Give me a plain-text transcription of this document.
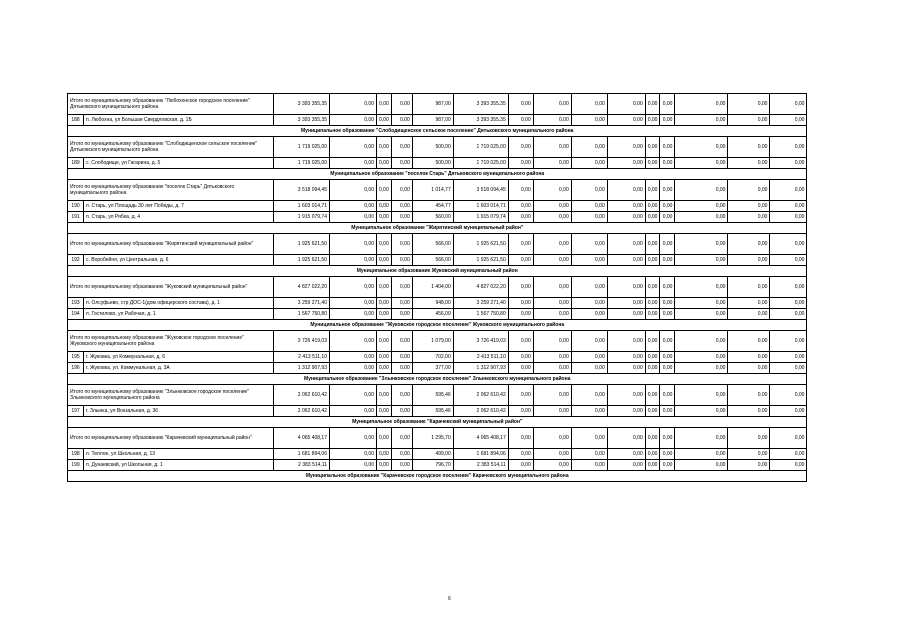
Итого по муниципальному образованию "Любохонское городское поселение" Дятьковского муниципального района		3 393 355,35	0,00	0,00	0,00	987,00	3 393 355,35	0,00	0,00	0,00	0,00	0,00	0,00	0,00	0,00	0,00
188	п. Любохна, ул Большая Свердловская, д. 1Б	3 393 355,35	0,00	0,00	0,00	987,00	3 393 355,35	0,00	0,00	0,00	0,00	0,00	0,00	0,00	0,00	0,00
Муниципальное образование "Слободищенское сельское поселение" Дятьковского муниципального района																
Итого по муниципальному образованию "Слободищенское сельское поселение" Дятьковского муниципального района		1 719 025,00	0,00	0,00	0,00	500,00	1 719 025,00	0,00	0,00	0,00	0,00	0,00	0,00	0,00	0,00	0,00
189	с. Слободище, ул Гагарина, д. 5	1 719 025,00	0,00	0,00	0,00	500,00	1 719 025,00	0,00	0,00	0,00	0,00	0,00	0,00	0,00	0,00	0,00
Муниципальное образование "поселок Старь" Дятьковского муниципального района																
Итого по муниципальному образованию "поселок Старь" Дятьковского муниципального района		3 518 094,45	0,00	0,00	0,00	1 014,77	3 518 094,45	0,00	0,00	0,00	0,00	0,00	0,00	0,00	0,00	0,00
190	п. Старь, ул Площадь 30 лет Победы, д. 7	1 603 014,71	0,00	0,00	0,00	454,77	1 603 014,71	0,00	0,00	0,00	0,00	0,00	0,00	0,00	0,00	0,00
191	п. Старь, ул Рябка, д. 4	1 915 079,74	0,00	0,00	0,00	560,00	1 915 079,74	0,00	0,00	0,00	0,00	0,00	0,00	0,00	0,00	0,00
Муниципальное образование "Жирятинский муниципальный район"																
Итого по муниципальному образованию "Жирятинский муниципальный район"		1 925 621,50	0,00	0,00	0,00	566,00	1 925 621,50	0,00	0,00	0,00	0,00	0,00	0,00	0,00	0,00	0,00
192	с. Воробейня, ул Центральная, д. 6	1 925 621,50	0,00	0,00	0,00	566,00	1 925 621,50	0,00	0,00	0,00	0,00	0,00	0,00	0,00	0,00	0,00
Муниципальное образование Жуковский муниципальный район																
Итого по муниципальному образованию "Жуковский муниципальный район"		4 827 022,20	0,00	0,00	0,00	1 404,00	4 827 022,20	0,00	0,00	0,00	0,00	0,00	0,00	0,00	0,00	0,00
193	п. Олсуфьево, стр ДОС-1(дом офицерского состава), д. 1	3 259 271,40	0,00	0,00	0,00	948,00	3 259 271,40	0,00	0,00	0,00	0,00	0,00	0,00	0,00	0,00	0,00
194	п. Гостилово, ул Рабочая, д. 1	1 567 750,80	0,00	0,00	0,00	456,00	1 567 750,80	0,00	0,00	0,00	0,00	0,00	0,00	0,00	0,00	0,00
Муниципальное образование "Жуковское городское поселение" Жуковского муниципального района																
Итого по муниципальному образованию "Жуковское городское поселение" Жуковского муниципального района		3 726 419,03	0,00	0,00	0,00	1 079,00	3 726 419,03	0,00	0,00	0,00	0,00	0,00	0,00	0,00	0,00	0,00
195	г. Жуковка, ул Коммунальная, д. 6	2 413 511,10	0,00	0,00	0,00	702,00	2 413 511,10	0,00	0,00	0,00	0,00	0,00	0,00	0,00	0,00	0,00
196	г. Жуковка, ул. Коммунальная, д. 3А	1 312 907,93	0,00	0,00	0,00	377,00	1 312 907,93	0,00	0,00	0,00	0,00	0,00	0,00	0,00	0,00	0,00
Муниципальное образование "Злынковское городское поселение" Злынковского муниципального района																
Итого по муниципальному образованию "Злынковское городское поселение" Злынковского муниципального района		2 062 610,42	0,00	0,00	0,00	595,46	2 062 610,42	0,00	0,00	0,00	0,00	0,00	0,00	0,00	0,00	0,00
197	г. Злынка, ул Вокзальная, д. 36	2 062 610,42	0,00	0,00	0,00	595,46	2 062 610,42	0,00	0,00	0,00	0,00	0,00	0,00	0,00	0,00	0,00
Муниципальное образование "Карачевский муниципальный район"																
Итого по муниципальному образованию "Карачевский муниципальный район"		4 065 408,17	0,00	0,00	0,00	1 295,70	4 065 408,17	0,00	0,00	0,00	0,00	0,00	0,00	0,00	0,00	0,00
198	п. Теплое, ул Школьная, д. 13	1 681 894,06	0,00	0,00	0,00	499,00	1 681 894,06	0,00	0,00	0,00	0,00	0,00	0,00	0,00	0,00	0,00
199	п. Дунаевский, ул Школьная, д. 1	2 383 514,11	0,00	0,00	0,00	796,70	2 383 514,11	0,00	0,00	0,00	0,00	0,00	0,00	0,00	0,00	0,00
Муниципальное образование "Карачевское городское поселение" Карачевского муниципального района																
6
